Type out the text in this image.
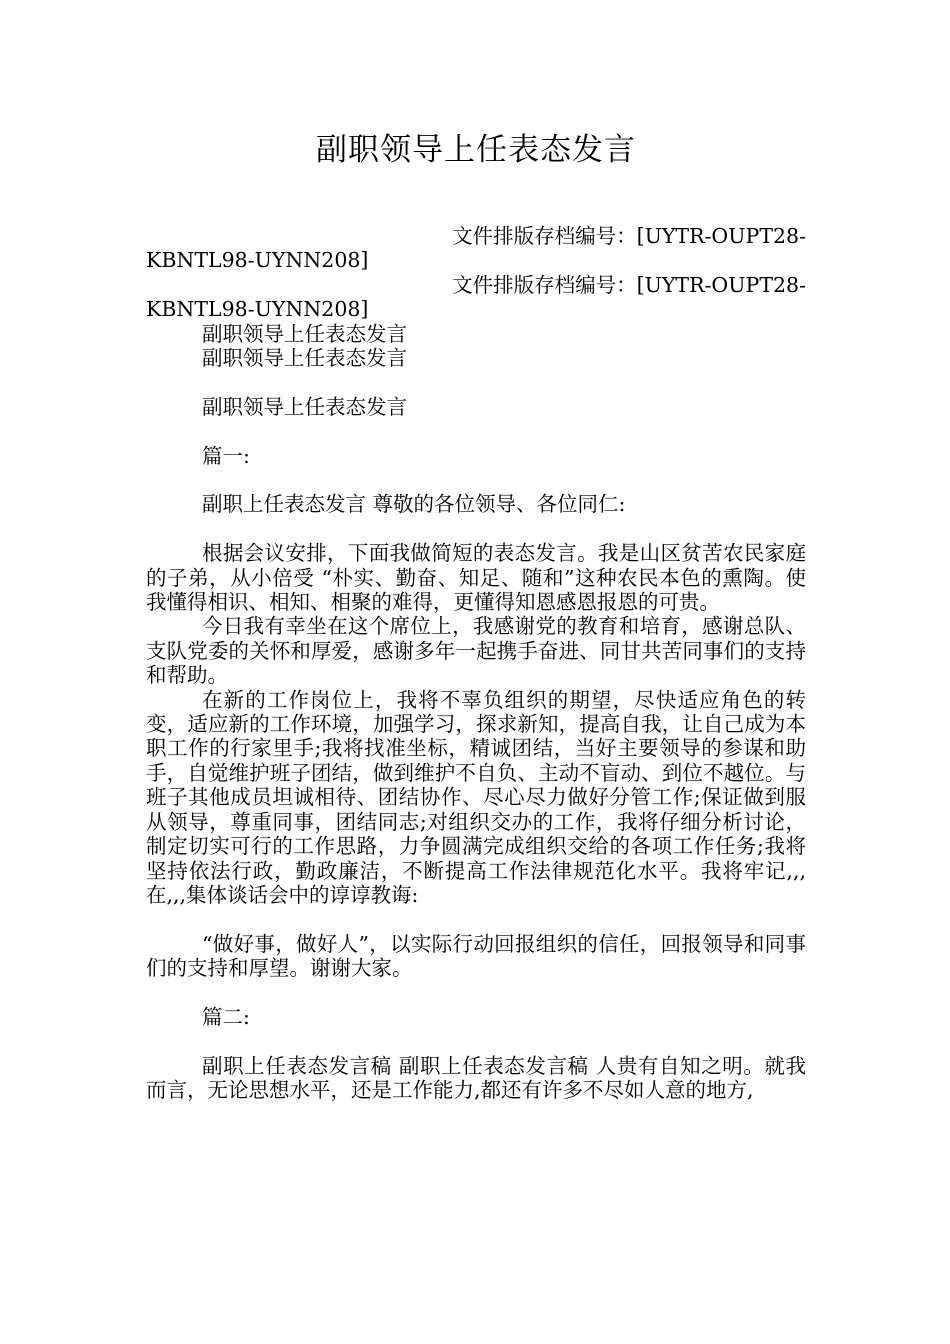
副职领导上任表态发言

文件排版存档编号：[UYTR-OUPT28-KBNTL98-UYNN208]

文件排版存档编号：[UYTR-OUPT28-KBNTL98-UYNN208]

副职领导上任表态发言

副职领导上任表态发言

副职领导上任表态发言

篇一:

副职上任表态发言 尊敬的各位领导、各位同仁:

根据会议安排，下面我做简短的表态发言。我是山区贫苦农民家庭的子弟，从小倍受 “朴实、勤奋、知足、随和”这种农民本色的熏陶。使我懂得相识、相知、相聚的难得，更懂得知恩感恩报恩的可贵。

今日我有幸坐在这个席位上，我感谢党的教育和培育，感谢总队、支队党委的关怀和厚爱，感谢多年一起携手奋进、同甘共苦同事们的支持和帮助。

在新的工作岗位上，我将不辜负组织的期望，尽快适应角色的转变，适应新的工作环境，加强学习，探求新知，提高自我，让自己成为本职工作的行家里手;我将找准坐标，精诚团结，当好主要领导的参谋和助手，自觉维护班子团结，做到维护不自负、主动不盲动、到位不越位。与班子其他成员坦诚相待、团结协作、尽心尽力做好分管工作;保证做到服从领导，尊重同事，团结同志;对组织交办的工作，我将仔细分析讨论，制定切实可行的工作思路，力争圆满完成组织交给的各项工作任务;我将坚持依法行政，勤政廉洁，不断提高工作法律规范化水平。我将牢记,,,在,,,集体谈话会中的谆谆教诲:

“做好事，做好人”，以实际行动回报组织的信任，回报领导和同事们的支持和厚望。谢谢大家。

篇二:

副职上任表态发言稿 副职上任表态发言稿 人贵有自知之明。就我而言，无论思想水平，还是工作能力,都还有许多不尽如人意的地方,
